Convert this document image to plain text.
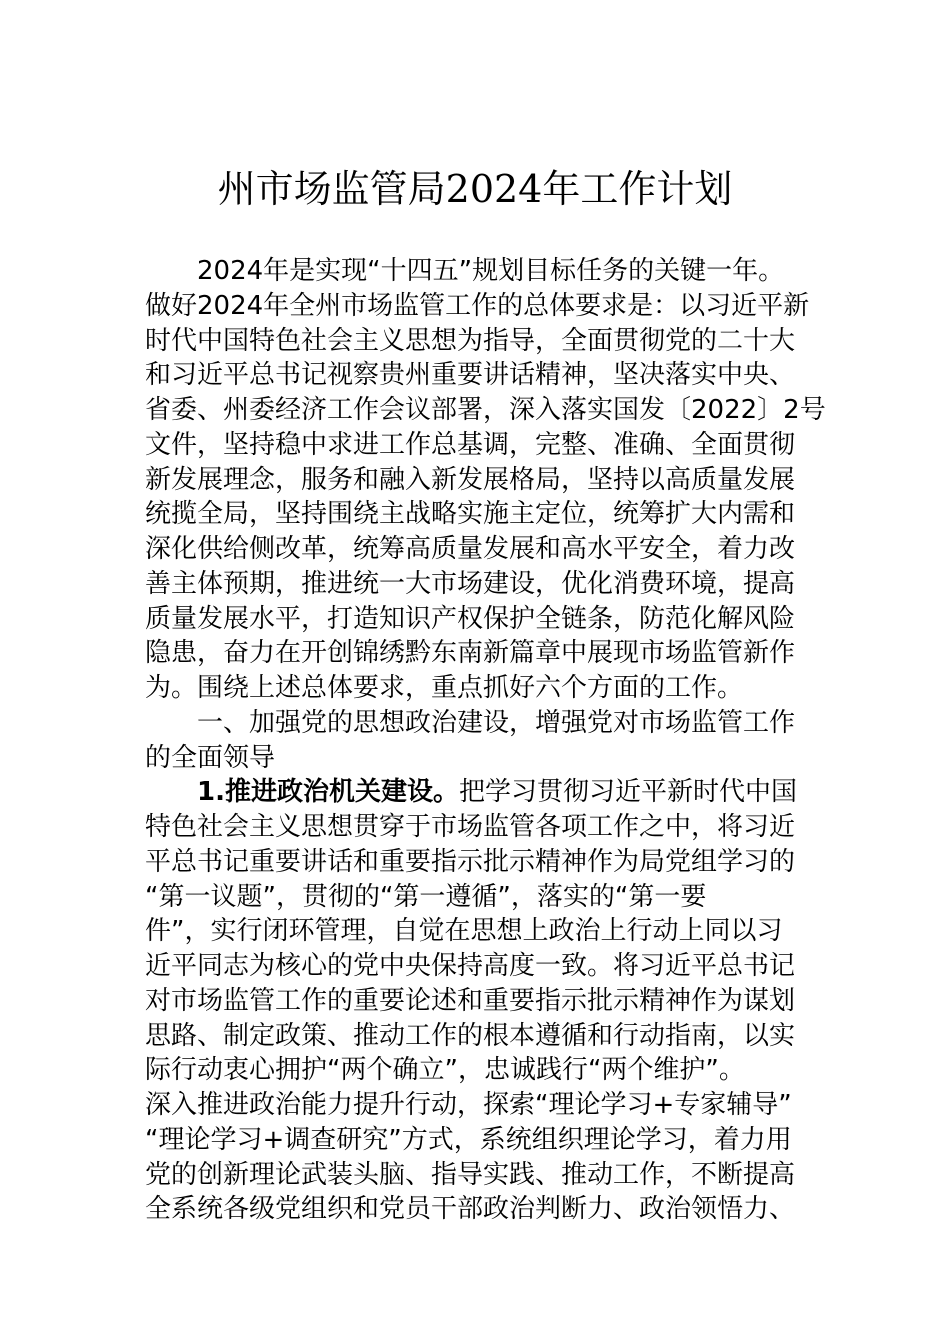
州市场监管局2024年工作计划
2024年是实现“十四五”规划目标任务的关键一年。
做好2024年全州市场监管工作的总体要求是：以习近平新
时代中国特色社会主义思想为指导，全面贯彻党的二十大
和习近平总书记视察贵州重要讲话精神，坚决落实中央、
省委、州委经济工作会议部署，深入落实国发〔2022〕2号
文件，坚持稳中求进工作总基调，完整、准确、全面贯彻
新发展理念，服务和融入新发展格局，坚持以高质量发展
统揽全局，坚持围绕主战略实施主定位，统筹扩大内需和
深化供给侧改革，统筹高质量发展和高水平安全，着力改
善主体预期，推进统一大市场建设，优化消费环境，提高
质量发展水平，打造知识产权保护全链条，防范化解风险
隐患，奋力在开创锦绣黔东南新篇章中展现市场监管新作
为。围绕上述总体要求，重点抓好六个方面的工作。
一、加强党的思想政治建设，增强党对市场监管工作
的全面领导
1.推进政治机关建设。把学习贯彻习近平新时代中国
特色社会主义思想贯穿于市场监管各项工作之中，将习近
平总书记重要讲话和重要指示批示精神作为局党组学习的
“第一议题”，贯彻的“第一遵循”，落实的“第一要
件”，实行闭环管理，自觉在思想上政治上行动上同以习
近平同志为核心的党中央保持高度一致。将习近平总书记
对市场监管工作的重要论述和重要指示批示精神作为谋划
思路、制定政策、推动工作的根本遵循和行动指南，以实
际行动衷心拥护“两个确立”，忠诚践行“两个维护”。
深入推进政治能力提升行动，探索“理论学习+专家辅导”
“理论学习+调查研究”方式，系统组织理论学习，着力用
党的创新理论武装头脑、指导实践、推动工作，不断提高
全系统各级党组织和党员干部政治判断力、政治领悟力、
